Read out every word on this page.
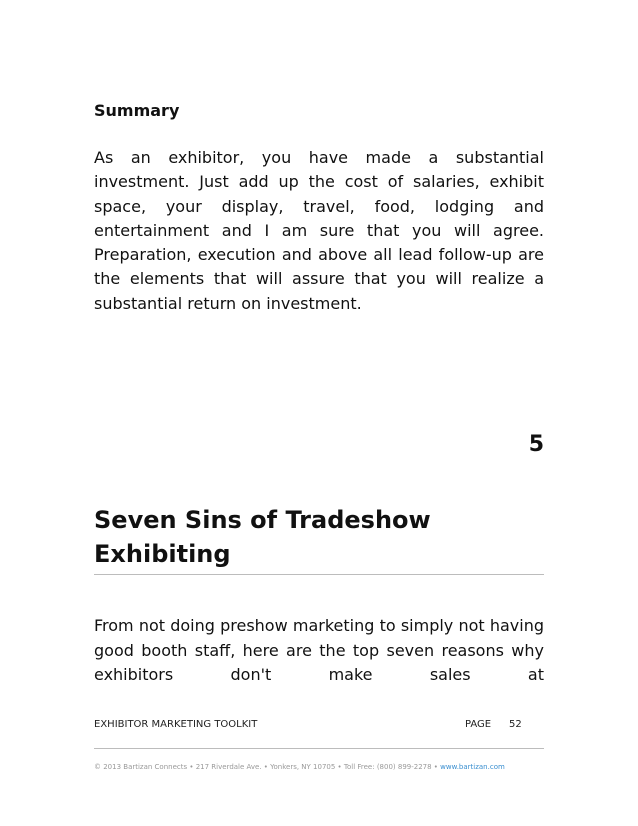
Summary

As an exhibitor, you have made a substantial investment. Just add up the cost of salaries, exhibit space, your display, travel, food, lodging and entertainment and I am sure that you will agree. Preparation, execution and above all lead follow-up are the elements that will assure that you will realize a substantial return on investment.

5
Seven Sins of Tradeshow
Exhibiting

From not doing preshow marketing to simply not having good booth staff, here are the top seven reasons why exhibitors don't make sales at

EXHIBITOR MARKETING TOOLKIT	PAGE 52
© 2013 Bartizan Connects • 217 Riverdale Ave. • Yonkers, NY 10705 • Toll Free: (800) 899-2278 • www.bartizan.com
